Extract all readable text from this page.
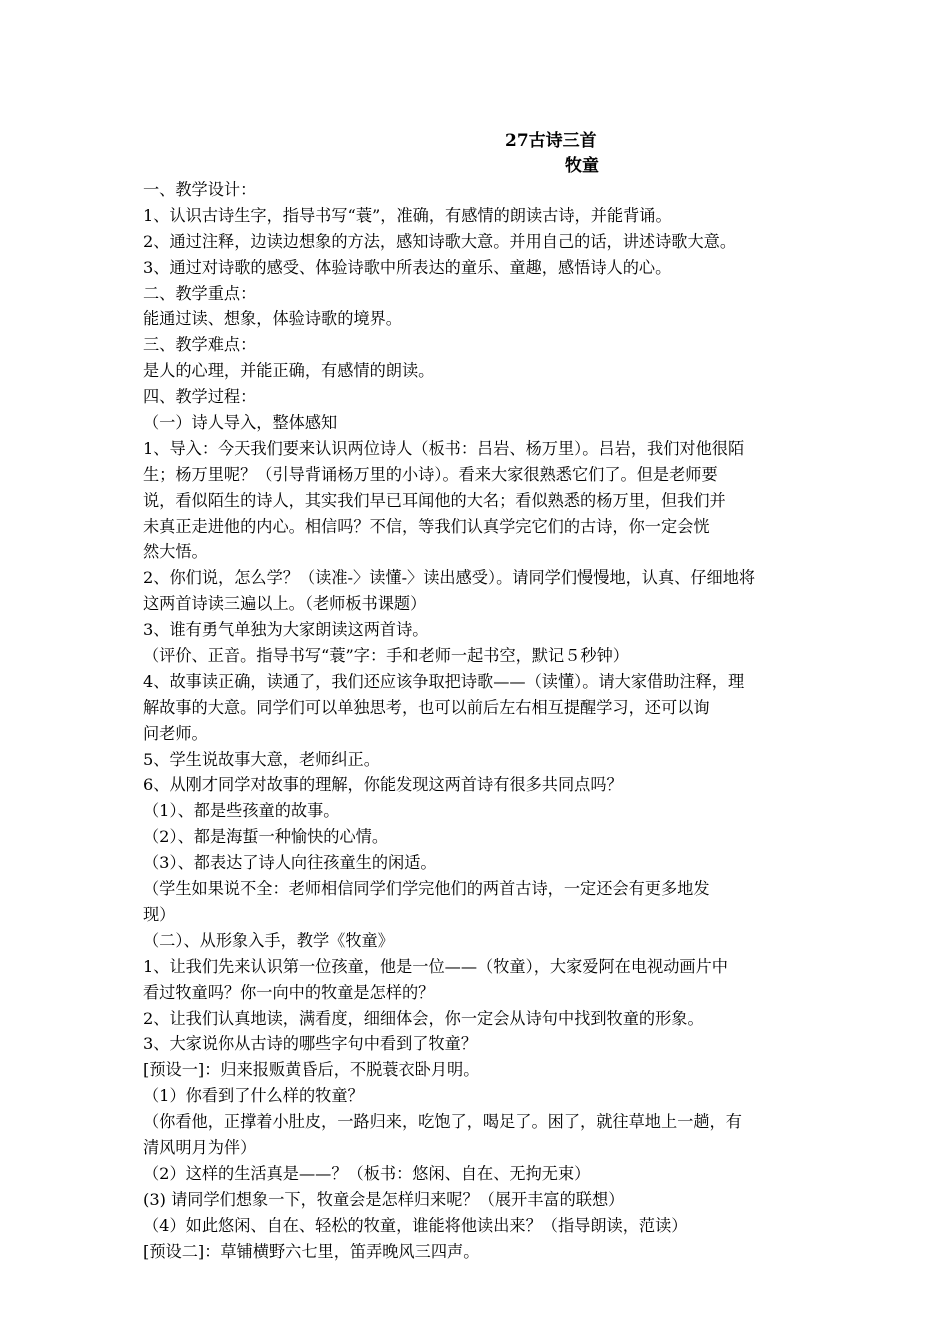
27古诗三首
牧童
一、教学设计：
1、认识古诗生字，指导书写“蓑”，准确，有感情的朗读古诗，并能背诵。
2、通过注释，边读边想象的方法，感知诗歌大意。并用自己的话，讲述诗歌大意。
3、通过对诗歌的感受、体验诗歌中所表达的童乐、童趣，感悟诗人的心。
二、教学重点：
能通过读、想象，体验诗歌的境界。
三、教学难点：
是人的心理，并能正确，有感情的朗读。
四、教学过程：
（一）诗人导入，整体感知
1、导入：今天我们要来认识两位诗人（板书：吕岩、杨万里）。吕岩，我们对他很陌
生；杨万里呢？（引导背诵杨万里的小诗）。看来大家很熟悉它们了。但是老师要
说，看似陌生的诗人，其实我们早已耳闻他的大名；看似熟悉的杨万里，但我们并
未真正走进他的内心。相信吗？不信，等我们认真学完它们的古诗，你一定会恍
然大悟。
2、你们说，怎么学？（读准-〉读懂-〉读出感受）。请同学们慢慢地，认真、仔细地将
这两首诗读三遍以上。（老师板书课题）
3、谁有勇气单独为大家朗读这两首诗。
（评价、正音。指导书写“蓑”字：手和老师一起书空，默记５秒钟）
4、故事读正确，读通了，我们还应该争取把诗歌——（读懂）。请大家借助注释，理
解故事的大意。同学们可以单独思考，也可以前后左右相互提醒学习，还可以询
问老师。
5、学生说故事大意，老师纠正。
6、从刚才同学对故事的理解，你能发现这两首诗有很多共同点吗？
（1）、都是些孩童的故事。
（2）、都是海蜇一种愉快的心情。
（3）、都表达了诗人向往孩童生的闲适。
（学生如果说不全：老师相信同学们学完他们的两首古诗，一定还会有更多地发
现）
（二）、从形象入手，教学《牧童》
1、让我们先来认识第一位孩童，他是一位——（牧童），大家爱阿在电视动画片中
看过牧童吗？你一向中的牧童是怎样的？
2、让我们认真地读，满看度，细细体会，你一定会从诗句中找到牧童的形象。
3、大家说你从古诗的哪些字句中看到了牧童？
[预设一]：归来报贩黄昏后，不脱蓑衣卧月明。
（1）你看到了什么样的牧童？
（你看他，正撑着小肚皮，一路归来，吃饱了，喝足了。困了，就往草地上一趟，有
清风明月为伴）
（2）这样的生活真是——？（板书：悠闲、自在、无拘无束）
(3) 请同学们想象一下，牧童会是怎样归来呢？（展开丰富的联想）
（4）如此悠闲、自在、轻松的牧童，谁能将他读出来？（指导朗读，范读）
[预设二]：草铺横野六七里，笛弄晚风三四声。
